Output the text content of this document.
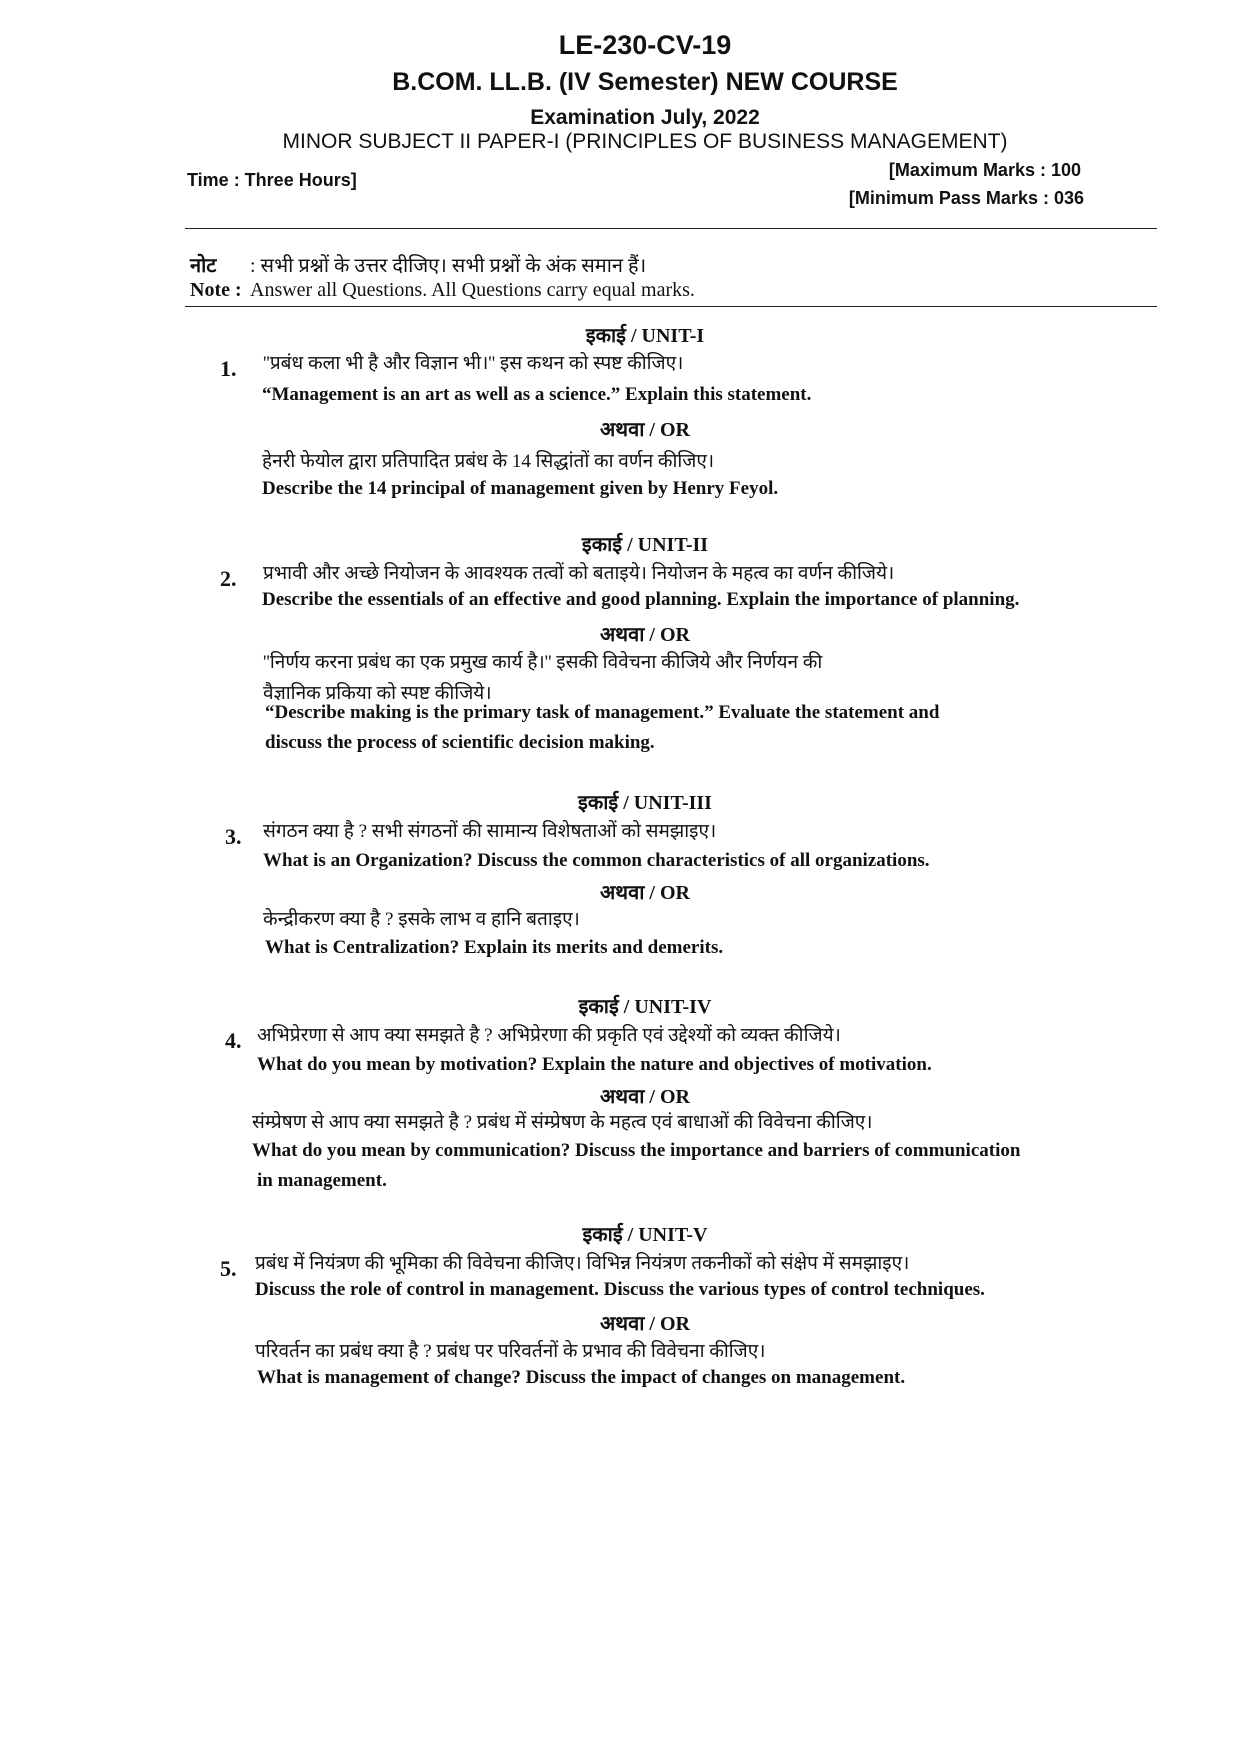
LE-230-CV-19
B.COM. LL.B. (IV Semester) NEW COURSE
Examination July, 2022
MINOR SUBJECT II PAPER-I (PRINCIPLES OF BUSINESS MANAGEMENT)
Time : Three Hours]	[Maximum Marks : 100
[Minimum Pass Marks : 036
नोट : सभी प्रश्नों के उत्तर दीजिए। सभी प्रश्नों के अंक समान हैं।
Note : Answer all Questions. All Questions carry equal marks.
इकाई / UNIT-I
1. ''प्रबंध कला भी है और विज्ञान भी।'' इस कथन को स्पष्ट कीजिए।
“Management is an art as well as a science.” Explain this statement.
हेनरी फेयोल द्वारा प्रतिपादित प्रबंध के 14 सिद्धांतों का वर्णन कीजिए।
Describe the 14 principal of management given by Henry Feyol.
अथवा / OR
इकाई / UNIT-II
2. प्रभावी और अच्छे नियोजन के आवश्यक तत्वों को बताइये। नियोजन के महत्व का वर्णन कीजिये।
Describe the essentials of an effective and good planning. Explain the importance of planning.
''निर्णय करना प्रबंध का एक प्रमुख कार्य है।'' इसकी विवेचना कीजिये और निर्णयन की
वैज्ञानिक प्रकिया को स्पष्ट कीजिये।
“Describe making is the primary task of management.” Evaluate the statement and
discuss the process of scientific decision making.
अथवा / OR
इकाई / UNIT-III
3. संगठन क्या है ? सभी संगठनों की सामान्य विशेषताओं को समझाइए।
What is an Organization? Discuss the common characteristics of all organizations.
केन्द्रीकरण क्या है ? इसके लाभ व हानि बताइए।
What is Centralization? Explain its merits and demerits.
अथवा / OR
इकाई / UNIT-IV
4. अभिप्रेरणा से आप क्या समझते है ? अभिप्रेरणा की प्रकृति एवं उद्देश्यों को व्यक्त कीजिये।
What do you mean by motivation? Explain the nature and objectives of motivation.
संम्प्रेषण से आप क्या समझते है ? प्रबंध में संम्प्रेषण के महत्व एवं बाधाओं की विवेचना कीजिए।
What do you mean by communication? Discuss the importance and barriers of communication
in management.
अथवा / OR
इकाई / UNIT-V
5. प्रबंध में नियंत्रण की भूमिका की विवेचना कीजिए। विभिन्न नियंत्रण तकनीकों को संक्षेप में समझाइए।
Discuss the role of control in management. Discuss the various types of control techniques.
परिवर्तन का प्रबंध क्या है ? प्रबंध पर परिवर्तनों के प्रभाव की विवेचना कीजिए।
What is management of change? Discuss the impact of changes on management.
अथवा / OR
